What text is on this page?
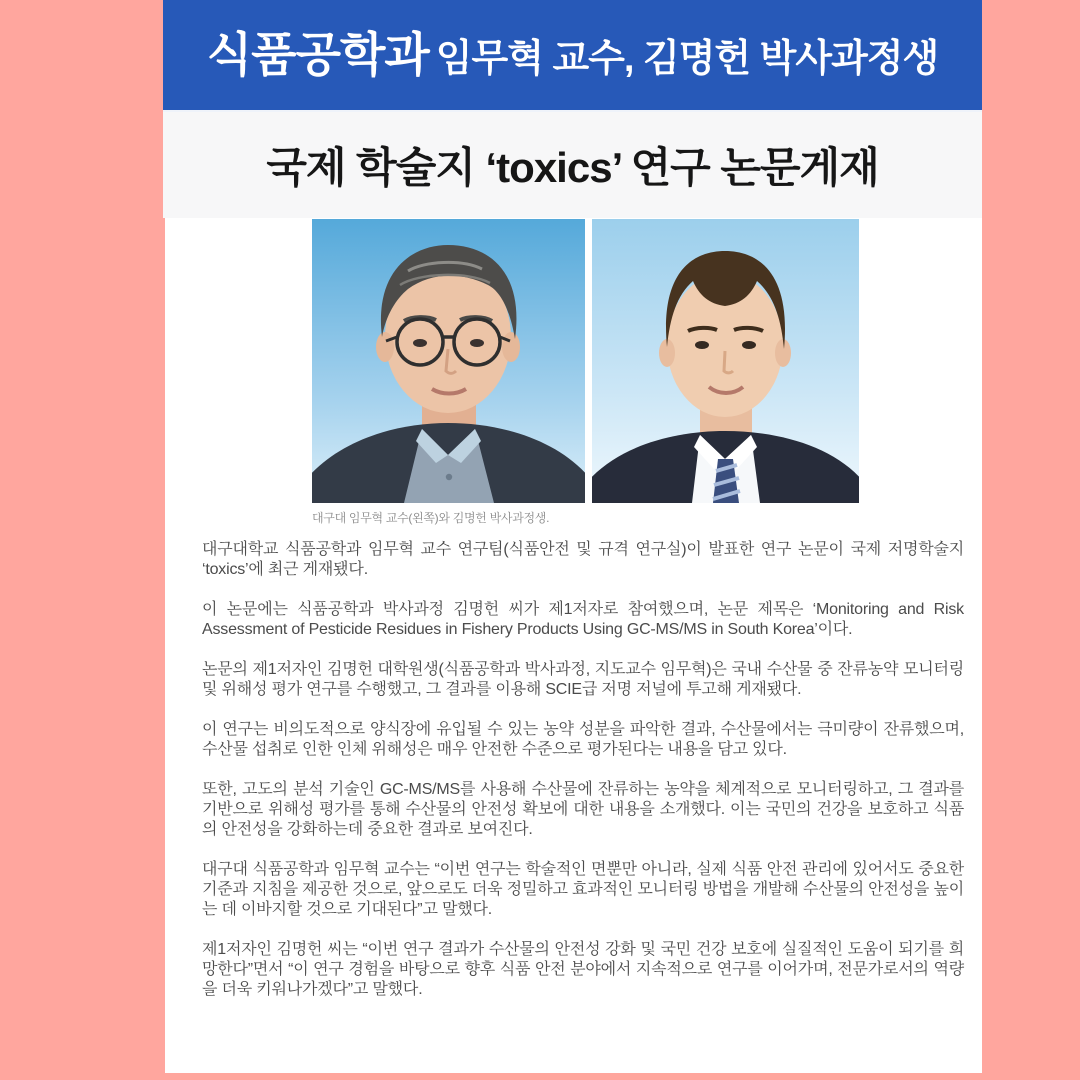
식품공학과 임무혁 교수, 김명헌 박사과정생
국제 학술지 ‘toxics’ 연구 논문게재
대구대 임무혁 교수(왼쪽)와 김명헌 박사과정생.

대구대학교 식품공학과 임무혁 교수 연구팀(식품안전 및 규격 연구실)이 발표한 연구 논문이 국제 저명학술지 ‘toxics’에 최근 게재됐다.

이 논문에는 식품공학과 박사과정 김명헌 씨가 제1저자로 참여했으며, 논문 제목은 ‘Monitoring and Risk Assessment of Pesticide Residues in Fishery Products Using GC-MS/MS in South Korea’이다.

논문의 제1저자인 김명헌 대학원생(식품공학과 박사과정, 지도교수 임무혁)은 국내 수산물 중 잔류농약 모니터링 및 위해성 평가 연구를 수행했고, 그 결과를 이용해 SCIE급 저명 저널에 투고해 게재됐다.

이 연구는 비의도적으로 양식장에 유입될 수 있는 농약 성분을 파악한 결과, 수산물에서는 극미량이 잔류했으며, 수산물 섭취로 인한 인체 위해성은 매우 안전한 수준으로 평가된다는 내용을 담고 있다.

또한, 고도의 분석 기술인 GC-MS/MS를 사용해 수산물에 잔류하는 농약을 체계적으로 모니터링하고, 그 결과를 기반으로 위해성 평가를 통해 수산물의 안전성 확보에 대한 내용을 소개했다. 이는 국민의 건강을 보호하고 식품의 안전성을 강화하는데 중요한 결과로 보여진다.

대구대 식품공학과 임무혁 교수는 “이번 연구는 학술적인 면뿐만 아니라, 실제 식품 안전 관리에 있어서도 중요한 기준과 지침을 제공한 것으로, 앞으로도 더욱 정밀하고 효과적인 모니터링 방법을 개발해 수산물의 안전성을 높이는 데 이바지할 것으로 기대된다”고 말했다.

제1저자인 김명헌 씨는 “이번 연구 결과가 수산물의 안전성 강화 및 국민 건강 보호에 실질적인 도움이 되기를 희망한다”면서 “이 연구 경험을 바탕으로 향후 식품 안전 분야에서 지속적으로 연구를 이어가며, 전문가로서의 역량을 더욱 키워나가겠다”고 말했다.
